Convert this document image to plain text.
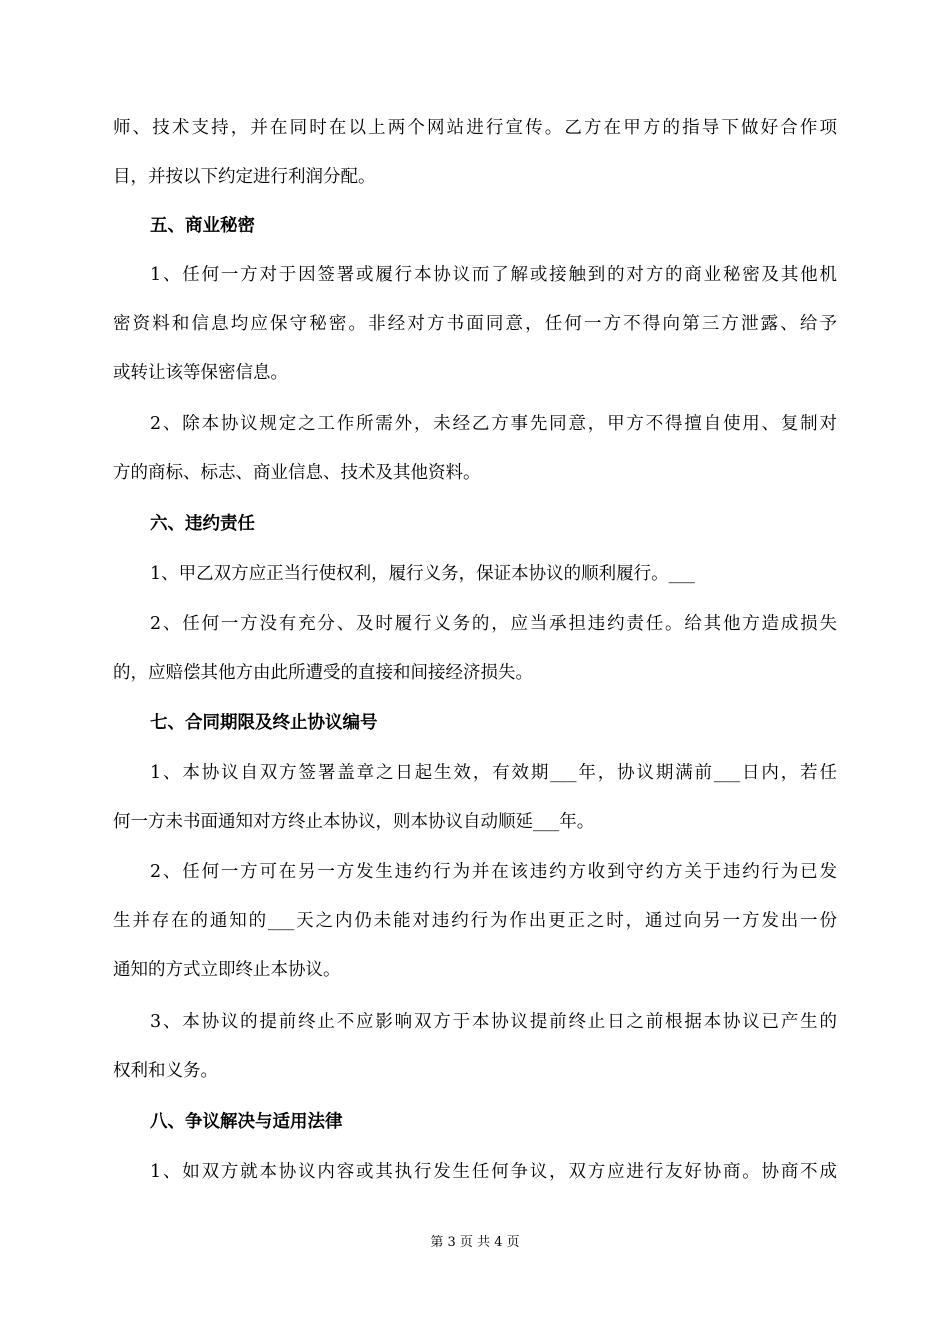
师、技术支持，并在同时在以上两个网站进行宣传。乙方在甲方的指导下做好合作项
目，并按以下约定进行利润分配。
五、商业秘密
1、任何一方对于因签署或履行本协议而了解或接触到的对方的商业秘密及其他机
密资料和信息均应保守秘密。非经对方书面同意，任何一方不得向第三方泄露、给予
或转让该等保密信息。
2、除本协议规定之工作所需外，未经乙方事先同意，甲方不得擅自使用、复制对
方的商标、标志、商业信息、技术及其他资料。
六、违约责任
1、甲乙双方应正当行使权利，履行义务，保证本协议的顺利履行。___
2、任何一方没有充分、及时履行义务的，应当承担违约责任。给其他方造成损失
的，应赔偿其他方由此所遭受的直接和间接经济损失。
七、合同期限及终止协议编号
1、本协议自双方签署盖章之日起生效，有效期___年，协议期满前___日内，若任
何一方未书面通知对方终止本协议，则本协议自动顺延___年。
2、任何一方可在另一方发生违约行为并在该违约方收到守约方关于违约行为已发
生并存在的通知的___天之内仍未能对违约行为作出更正之时，通过向另一方发出一份
通知的方式立即终止本协议。
3、本协议的提前终止不应影响双方于本协议提前终止日之前根据本协议已产生的
权利和义务。
八、争议解决与适用法律
1、如双方就本协议内容或其执行发生任何争议，双方应进行友好协商。协商不成
第 3 页 共 4 页
